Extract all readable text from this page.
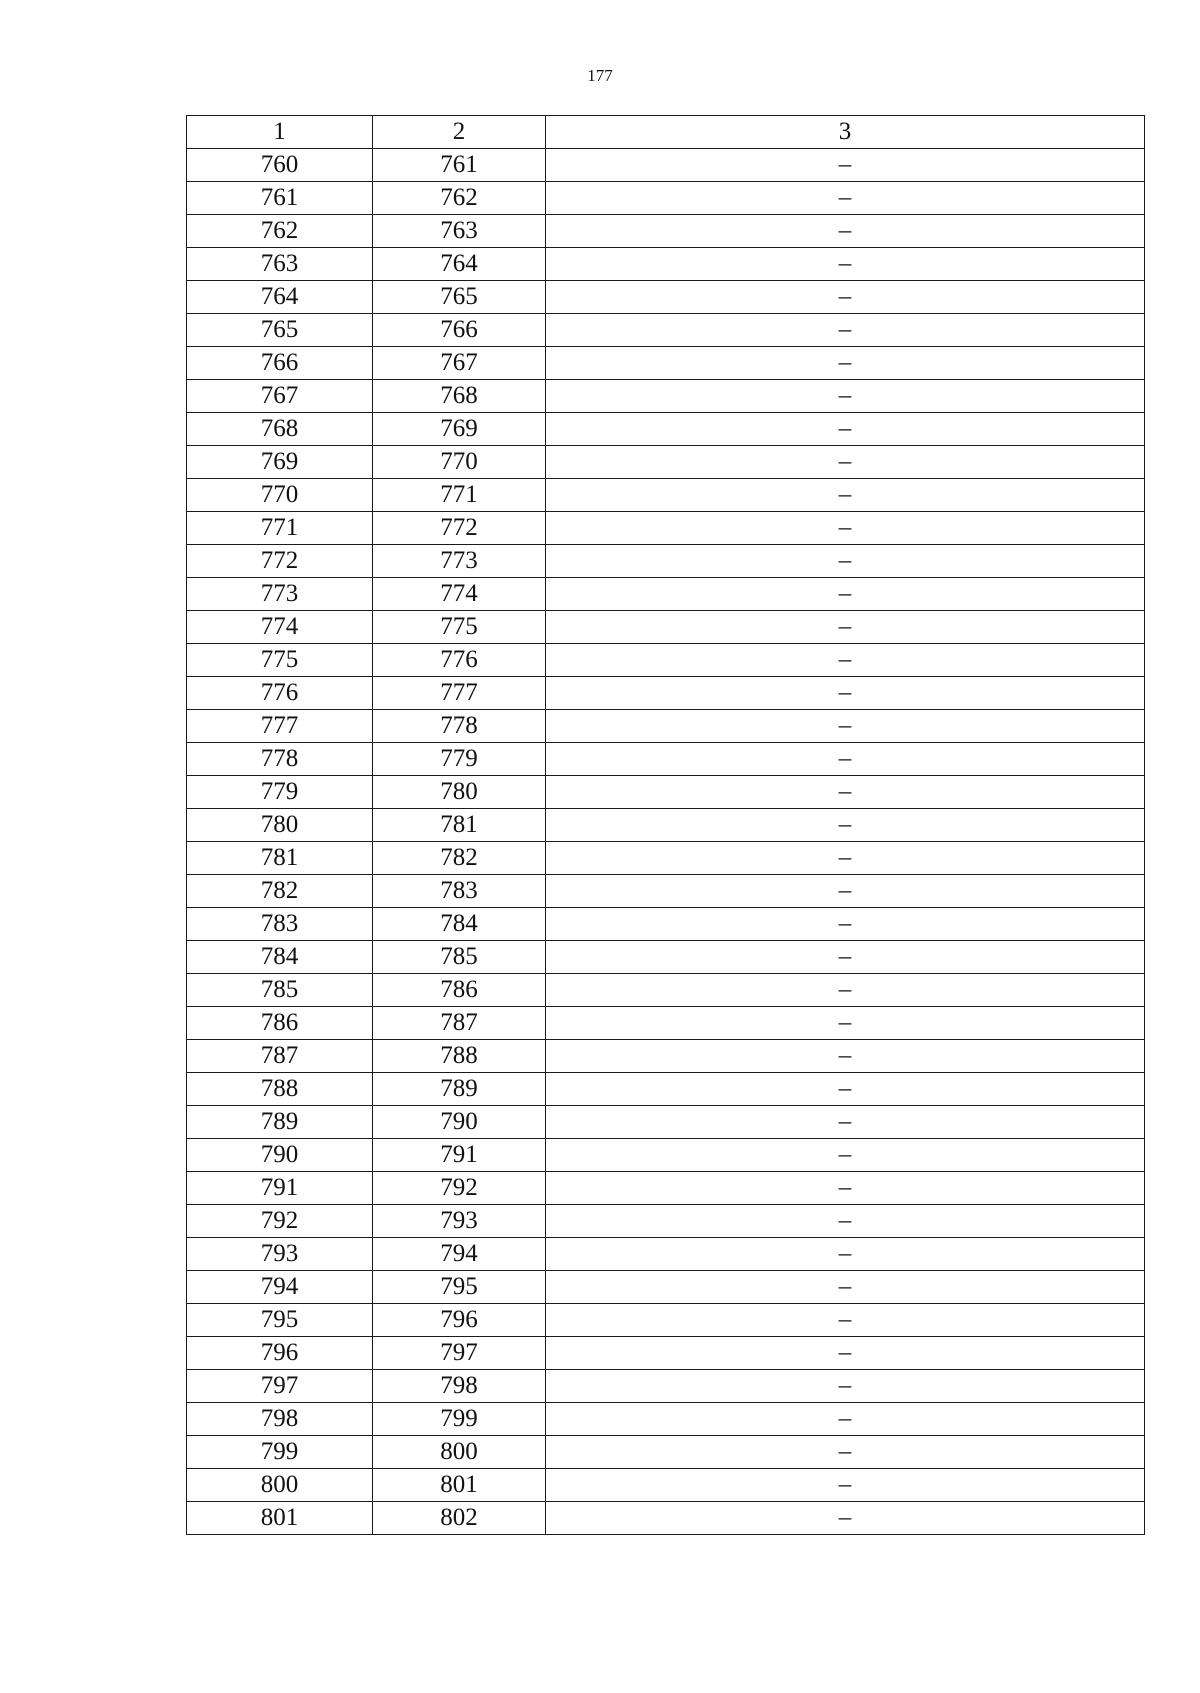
177
1	2	3
760	761	–
761	762	–
762	763	–
763	764	–
764	765	–
765	766	–
766	767	–
767	768	–
768	769	–
769	770	–
770	771	–
771	772	–
772	773	–
773	774	–
774	775	–
775	776	–
776	777	–
777	778	–
778	779	–
779	780	–
780	781	–
781	782	–
782	783	–
783	784	–
784	785	–
785	786	–
786	787	–
787	788	–
788	789	–
789	790	–
790	791	–
791	792	–
792	793	–
793	794	–
794	795	–
795	796	–
796	797	–
797	798	–
798	799	–
799	800	–
800	801	–
801	802	–
